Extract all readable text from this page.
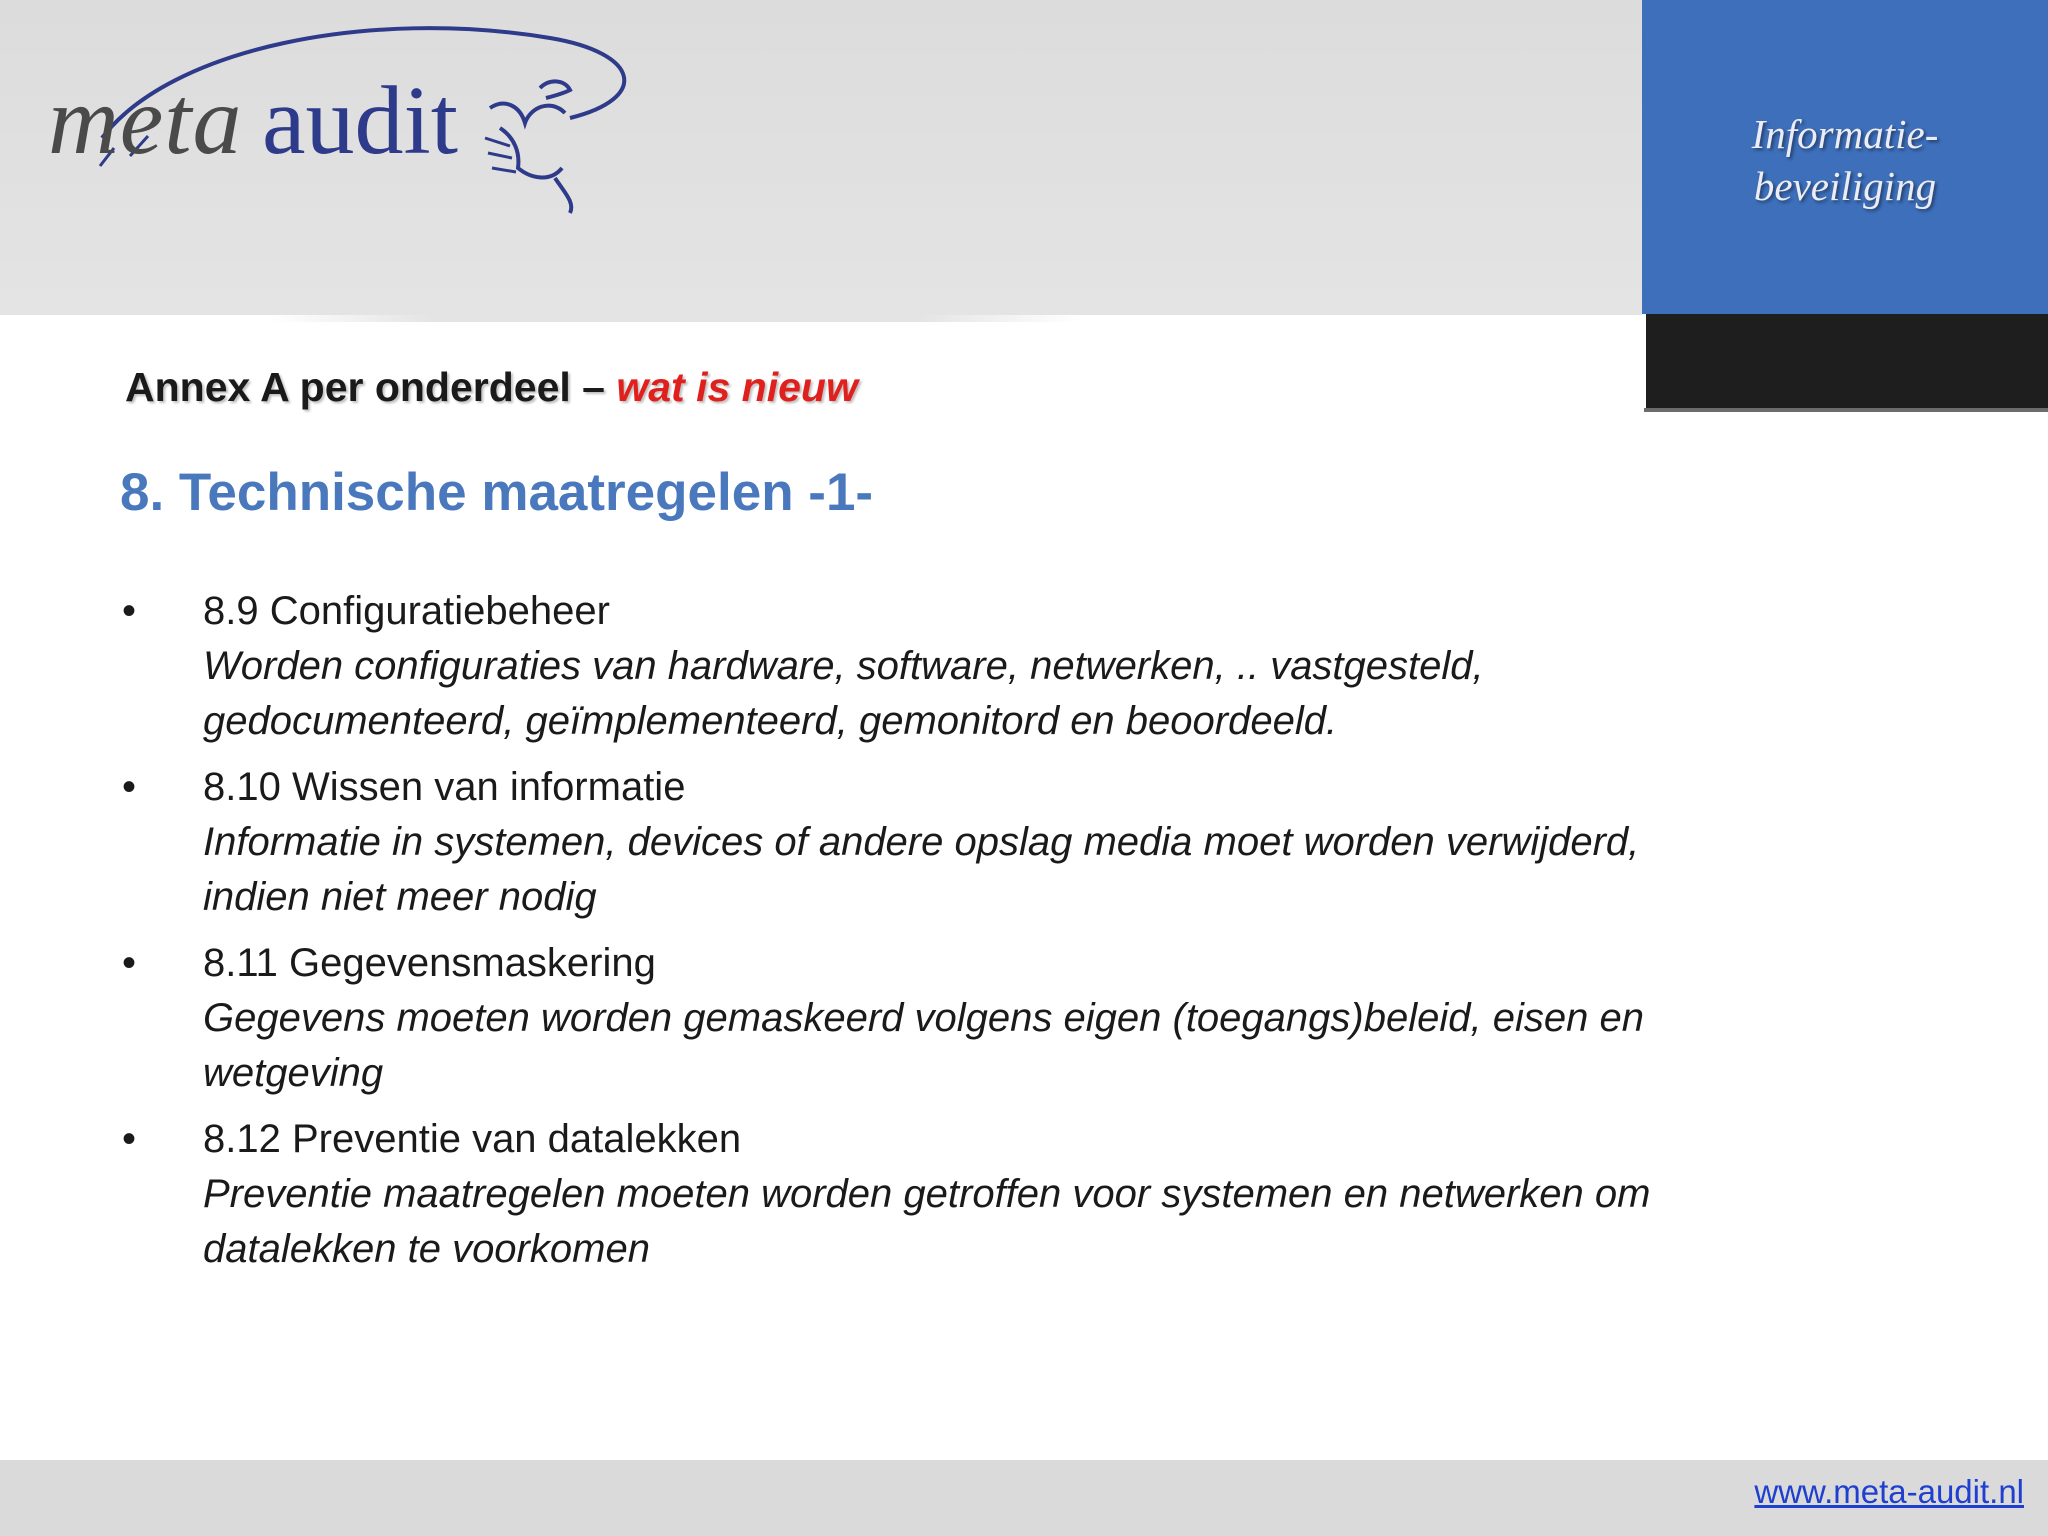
meta audit	Informatie-
beveiliging
Annex A per onderdeel – wat is nieuw
8. Technische maatregelen -1-
• 8.9 Configuratiebeheer
Worden configuraties van hardware, software, netwerken, .. vastgesteld,
gedocumenteerd, geïmplementeerd, gemonitord en beoordeeld.
• 8.10 Wissen van informatie
Informatie in systemen, devices of andere opslag media moet worden verwijderd,
indien niet meer nodig
• 8.11 Gegevensmaskering
Gegevens moeten worden gemaskeerd volgens eigen (toegangs)beleid, eisen en
wetgeving
• 8.12 Preventie van datalekken
Preventie maatregelen moeten worden getroffen voor systemen en netwerken om
datalekken te voorkomen
www.meta-audit.nl
